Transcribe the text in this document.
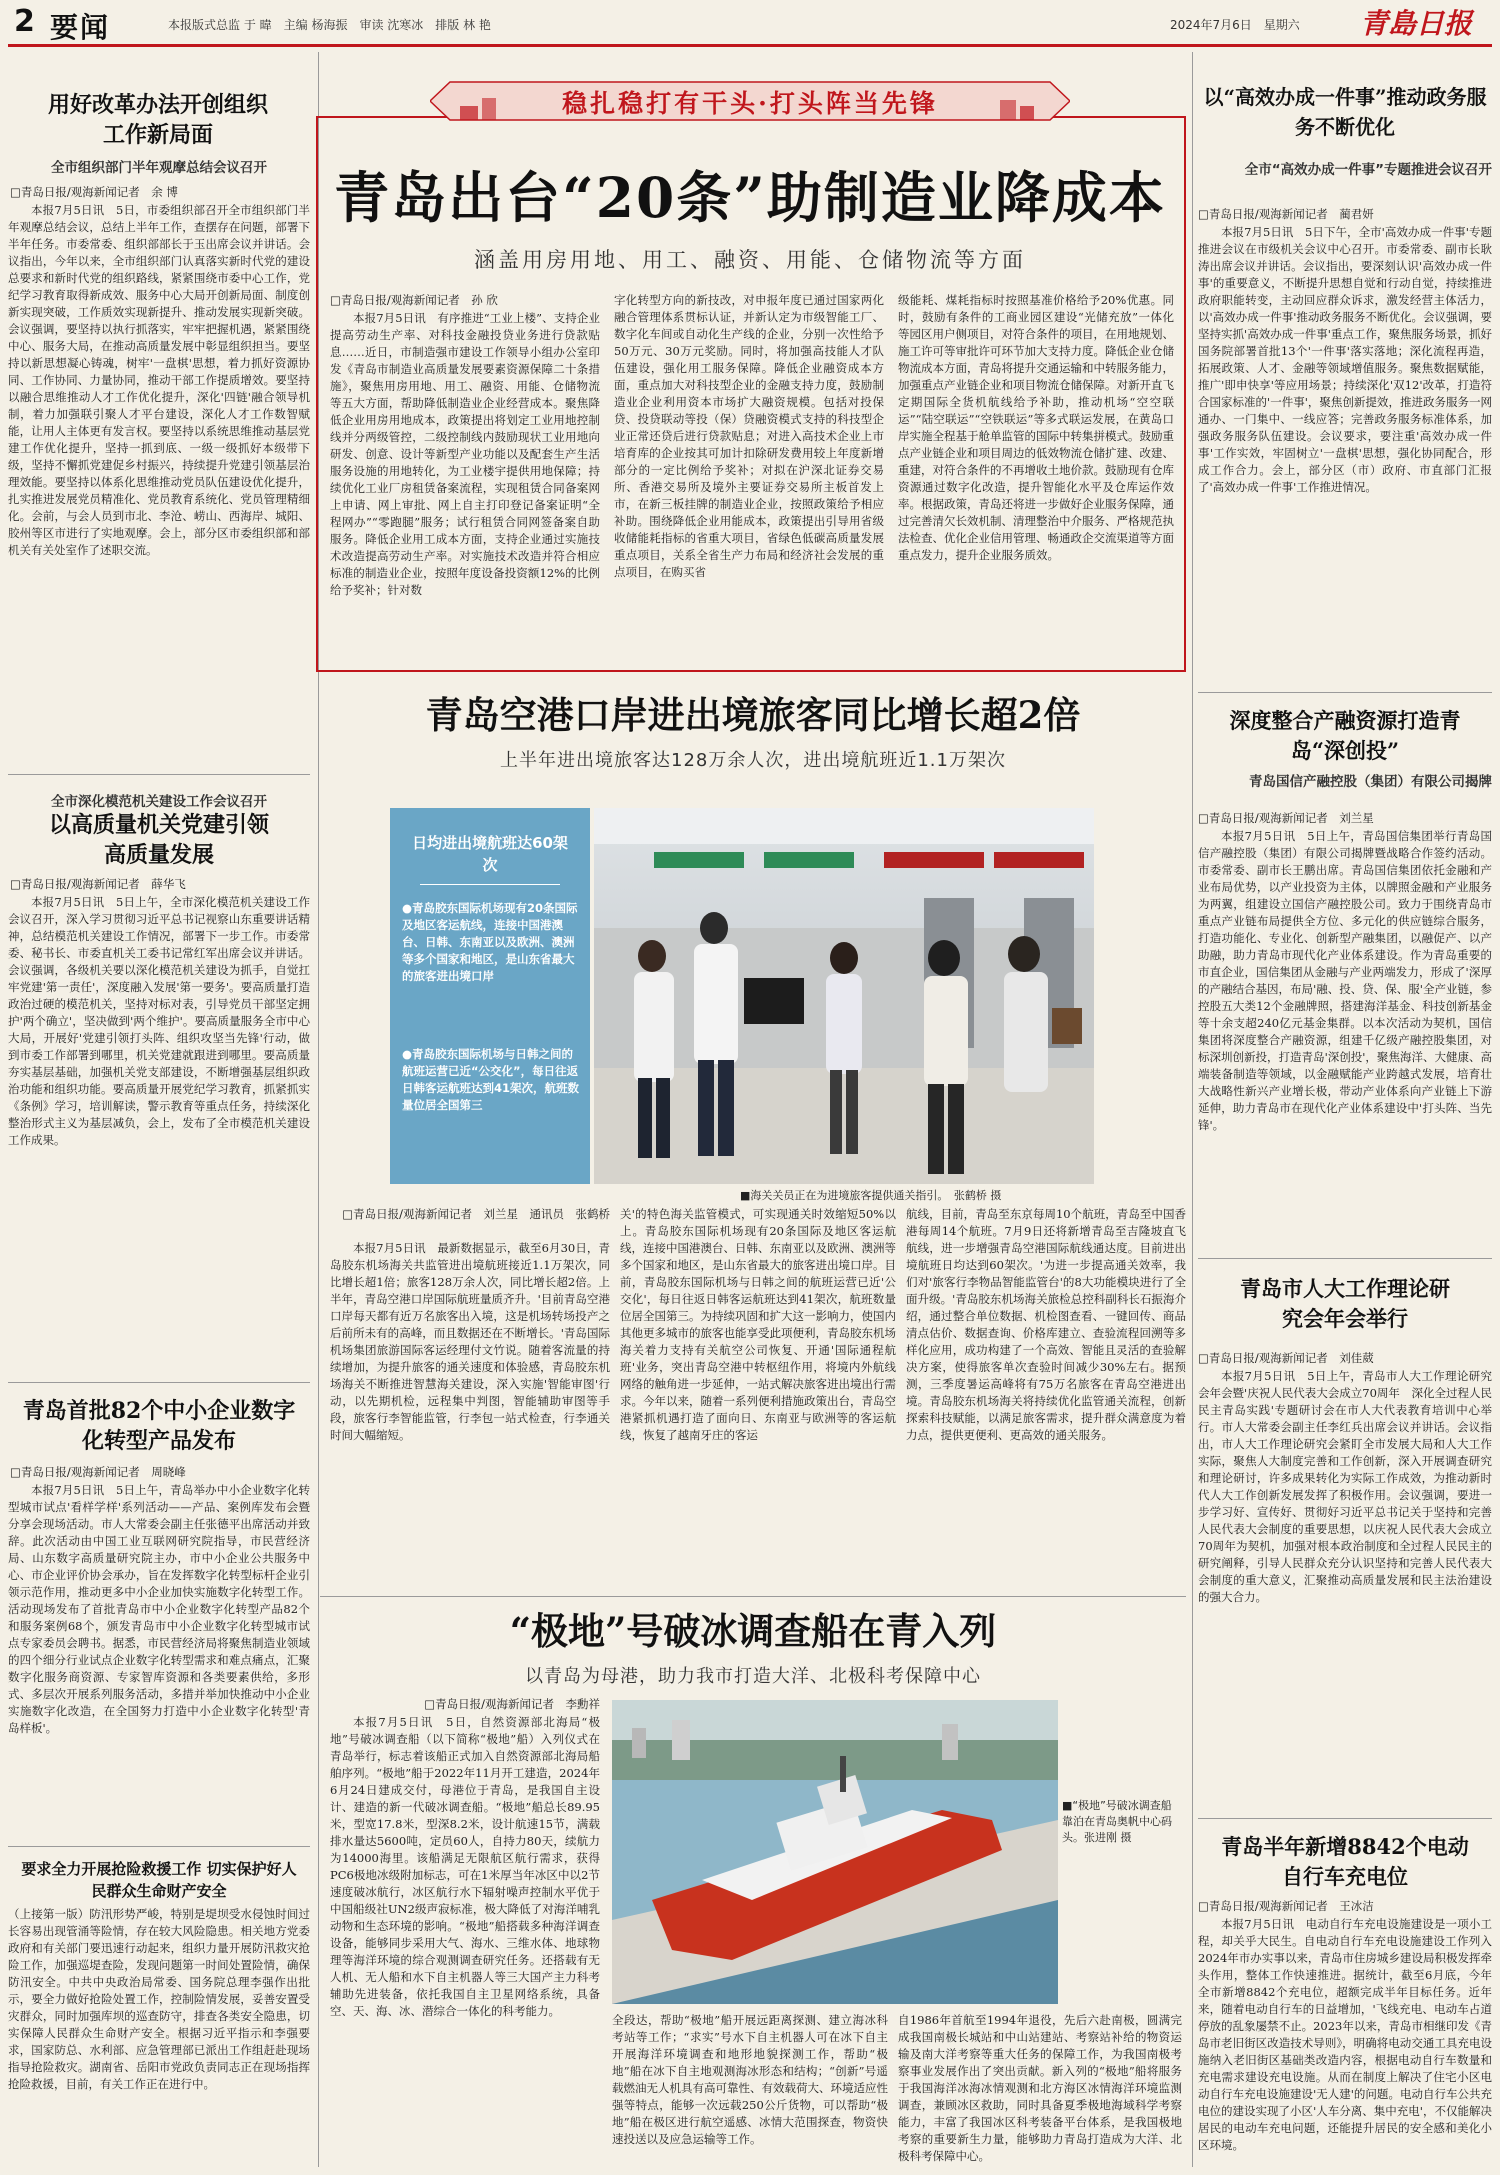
2 要闻	本报版式总监 于 暐　主编 杨海振　审读 沈寒冰　排版 林 艳	2024年7月6日　星期六 青島日报
用好改革办法开创组织工作新局面
全市组织部门半年观摩总结会议召开
□青岛日报/观海新闻记者　余 博
本报7月5日讯　5日，市委组织部召开全市组织部门半年观摩总结会议，总结上半年工作，查摆存在问题，部署下半年任务。市委常委、组织部部长于玉出席会议并讲话。会议指出，今年以来，全市组织部门认真落实新时代党的建设总要求和新时代党的组织路线，紧紧围绕市委中心工作，党纪学习教育取得新成效、服务中心大局开创新局面、制度创新实现突破，工作质效实现新提升、推动发展实现新突破。会议强调，要坚持以执行抓落实，牢牢把握机遇，紧紧围绕中心、服务大局，在推动高质量发展中彰显组织担当。要坚持以新思想凝心铸魂，树牢'一盘棋'思想，着力抓好资源协同、工作协同、力量协同，推动干部工作提质增效。要坚持以融合思维推动人才工作优化提升，深化'四链'融合领导机制，着力加强联引聚人才平台建设，深化人才工作数智赋能，让用人主体更有发言权。要坚持以系统思维推动基层党建工作优化提升，坚持一抓到底、一级一级抓好本级带下级，坚持不懈抓党建促乡村振兴，持续提升党建引领基层治理效能。要坚持以体系化思维推动党员队伍建设优化提升，扎实推进发展党员精准化、党员教育系统化、党员管理精细化。会前，与会人员到市北、李沧、崂山、西海岸、城阳、胶州等区市进行了实地观摩。会上，部分区市委组织部和部机关有关处室作了述职交流。
全市深化模范机关建设工作会议召开
以高质量机关党建引领高质量发展
□青岛日报/观海新闻记者　薛华飞
本报7月5日讯　5日上午，全市深化模范机关建设工作会议召开，深入学习贯彻习近平总书记视察山东重要讲话精神，总结模范机关建设工作情况，部署下一步工作。市委常委、秘书长、市委直机关工委书记常红军出席会议并讲话。会议强调，各级机关要以深化模范机关建设为抓手，自觉扛牢党建'第一责任'，深度融入发展'第一要务'。要高质量打造政治过硬的模范机关，坚持对标对表，引导党员干部坚定拥护'两个确立'，坚决做到'两个维护'。要高质量服务全市中心大局，开展好'党建引领打头阵、组织攻坚当先锋'行动，做到市委工作部署到哪里，机关党建就跟进到哪里。要高质量夯实基层基础，加强机关党支部建设，不断增强基层组织政治功能和组织功能。要高质量开展党纪学习教育，抓紧抓实《条例》学习，培训解读，警示教育等重点任务，持续深化整治形式主义为基层减负，会上，发布了全市模范机关建设工作成果。
青岛首批82个中小企业数字化转型产品发布
□青岛日报/观海新闻记者　周晓峰
本报7月5日讯　5日上午，青岛举办中小企业数字化转型城市试点'看样学样'系列活动——产品、案例库发布会暨分享会现场活动。市人大常委会副主任张德平出席活动并致辞。此次活动由中国工业互联网研究院指导，市民营经济局、山东数字高质量研究院主办，市中小企业公共服务中心、市企业评价协会承办，旨在发挥数字化转型标杆企业引领示范作用，推动更多中小企业加快实施数字化转型工作。活动现场发布了首批青岛市中小企业数字化转型产品82个和服务案例68个，颁发青岛市中小企业数字化转型城市试点专家委员会聘书。据悉，市民营经济局将聚焦制造业领域的四个细分行业试点企业数字化转型需求和难点痛点，汇聚数字化服务商资源、专家智库资源和各类要素供给，多形式、多层次开展系列服务活动，多措并举加快推动中小企业实施数字化改造，在全国努力打造中小企业数字化转型'青岛样板'。
要求全力开展抢险救援工作 切实保护好人民群众生命财产安全
（上接第一版）防汛形势严峻，特别是堤坝受水侵蚀时间过长容易出现管涌等险情，存在较大风险隐患。相关地方党委政府和有关部门要迅速行动起来，组织力量开展防汛救灾抢险工作，加强巡堤查险，发现问题第一时间处置险情，确保防汛安全。中共中央政治局常委、国务院总理李强作出批示，要全力做好抢险处置工作，控制险情发展，妥善安置受灾群众，同时加强库坝的巡查防守，排查各类安全隐患，切实保障人民群众生命财产安全。根据习近平指示和李强要求，国家防总、水利部、应急管理部已派出工作组赶赴现场指导抢险救灾。湖南省、岳阳市党政负责同志正在现场指挥抢险救援，目前，有关工作正在进行中。
稳扎稳打有干头·打头阵当先锋
青岛出台“20条”助制造业降成本
涵盖用房用地、用工、融资、用能、仓储物流等方面
□青岛日报/观海新闻记者　孙 欣
本报7月5日讯　有序推进“工业上楼”、支持企业提高劳动生产率、对科技金融投贷业务进行贷款贴息……近日，市制造强市建设工作领导小组办公室印发《青岛市制造业高质量发展要素资源保障二十条措施》，聚焦用房用地、用工、融资、用能、仓储物流等五大方面，帮助降低制造业企业经营成本。聚焦降低企业用房用地成本，政策提出将划定工业用地控制线并分两级管控，二级控制线内鼓励现状工业用地向研发、创意、设计等新型产业功能以及配套生产生活服务设施的用地转化，为工业楼宇提供用地保障；持续优化工业厂房租赁备案流程，实现租赁合同备案网上申请、网上审批、网上自主打印登记备案证明“全程网办”“零跑腿”服务；试行租赁合同网签备案自助服务。降低企业用工成本方面，支持企业通过实施技术改造提高劳动生产率。对实施技术改造并符合相应标准的制造业企业，按照年度设备投资额12%的比例给予奖补；针对数
字化转型方向的新技改，对申报年度已通过国家两化融合管理体系贯标认证，并新认定为市级智能工厂、数字化车间或自动化生产线的企业，分别一次性给予50万元、30万元奖励。同时，将加强高技能人才队伍建设，强化用工服务保障。降低企业融资成本方面，重点加大对科技型企业的金融支持力度，鼓励制造业企业利用资本市场扩大融资规模。包括对投保贷、投贷联动等投（保）贷融资模式支持的科技型企业正常还贷后进行贷款贴息；对进入高技术企业上市培育库的企业按其可加计扣除研发费用较上年度新增部分的一定比例给予奖补；对拟在沪深北证券交易所、香港交易所及境外主要证券交易所主板首发上市，在新三板挂牌的制造业企业，按照政策给予相应补助。围绕降低企业用能成本，政策提出引导用省级收储能耗指标的省重大项目，省绿色低碳高质量发展重点项目，关系全省生产力布局和经济社会发展的重点项目，在购买省
级能耗、煤耗指标时按照基准价格给予20%优惠。同时，鼓励有条件的工商业园区建设“光储充放”一体化等园区用户侧项目，对符合条件的项目，在用地规划、施工许可等审批许可环节加大支持力度。降低企业仓储物流成本方面，青岛将提升交通运输和中转服务能力，加强重点产业链企业和项目物流仓储保障。对新开直飞定期国际全货机航线给予补助，推动机场“空空联运”“陆空联运”“空铁联运”等多式联运发展，在黄岛口岸实施全程基于舱单监管的国际中转集拼模式。鼓励重点产业链企业和项目周边的低效物流仓储扩建、改建、重建，对符合条件的不再增收土地价款。鼓励现有仓库资源通过数字化改造，提升智能化水平及仓库运作效率。根据政策，青岛还将进一步做好企业服务保障，通过完善清欠长效机制、清理整治中介服务、严格规范执法检查、优化企业信用管理、畅通政企交流渠道等方面重点发力，提升企业服务质效。
青岛空港口岸进出境旅客同比增长超2倍
上半年进出境旅客达128万余人次，进出境航班近1.1万架次
日均进出境航班达60架次
●青岛胶东国际机场现有20条国际及地区客运航线，连接中国港澳台、日韩、东南亚以及欧洲、澳洲等多个国家和地区，是山东省最大的旅客进出境口岸
●青岛胶东国际机场与日韩之间的航班运营已近“公交化”，每日往返日韩客运航班达到41架次，航班数量位居全国第三
■海关关员正在为进境旅客提供通关指引。　张鹤桥 摄
□青岛日报/观海新闻记者　刘兰星　通讯员　张鹤桥
本报7月5日讯　最新数据显示，截至6月30日，青岛胶东机场海关共监管进出境航班接近1.1万架次，同比增长超1倍；旅客128万余人次，同比增长超2倍。上半年，青岛空港口岸国际航班量质齐升。'目前青岛空港口岸每天都有近万名旅客出入境，这是机场转场投产之后前所未有的高峰，而且数据还在不断增长。'青岛国际机场集团旅游国际客运经理付文竹说。随着客流量的持续增加，为提升旅客的通关速度和体验感，青岛胶东机场海关不断推进智慧海关建设，深入实施'智能审图'行动，以先期机检，远程集中判图，智能辅助审图等手段，旅客行李智能监管，行李包一站式检查，行李通关时间大幅缩短。
关'的特色海关监管模式，可实现通关时效缩短50%以上。青岛胶东国际机场现有20条国际及地区客运航线，连接中国港澳台、日韩、东南亚以及欧洲、澳洲等多个国家和地区，是山东省最大的旅客进出境口岸。目前，青岛胶东国际机场与日韩之间的航班运营已近'公交化'，每日往返日韩客运航班达到41架次，航班数量位居全国第三。为持续巩固和扩大这一影响力，使国内其他更多城市的旅客也能享受此项便利，青岛胶东机场海关着力支持有关航空公司恢复、开通'国际通程航班'业务，突出青岛空港中转枢纽作用，将境内外航线网络的触角进一步延伸，一站式解决旅客进出境出行需求。今年以来，随着一系列便利措施政策出台，青岛空港紧抓机遇打造了面向日、东南亚与欧洲等的客运航线，恢复了越南牙庄的客运
航线，目前，青岛至东京每周10个航班，青岛至中国香港每周14个航班。7月9日还将新增青岛至吉隆坡直飞航线，进一步增强青岛空港国际航线通达度。目前进出境航班日均达到60架次。'为进一步提高通关效率，我们对'旅客行李物品智能监管台'的8大功能模块进行了全面升级。'青岛胶东机场海关旅检总控科副科长石振海介绍，通过整合单位数据、机检图查看、一键回传、商品清点估价、数据查询、价格库建立、查验流程回溯等多样化应用，成功构建了一个高效、智能且灵活的查验解决方案，使得旅客单次查验时间减少30%左右。据预测，三季度暑运高峰将有75万名旅客在青岛空港进出境。青岛胶东机场海关将持续优化监管通关流程，创新探索科技赋能，以满足旅客需求，提升群众满意度为着力点，提供更便利、更高效的通关服务。
“极地”号破冰调查船在青入列
以青岛为母港，助力我市打造大洋、北极科考保障中心
□青岛日报/观海新闻记者　李勳祥
本报7月5日讯　5日，自然资源部北海局“极地”号破冰调查船（以下简称“极地”船）入列仪式在青岛举行，标志着该船正式加入自然资源部北海局船舶序列。“极地”船于2022年11月开工建造，2024年6月24日建成交付，母港位于青岛，是我国自主设计、建造的新一代破冰调查船。“极地”船总长89.95米，型宽17.8米，型深8.2米，设计航速15节，满载排水量达5600吨，定员60人，自持力80天，续航力为14000海里。该船满足无限航区航行需求，获得PC6极地冰级附加标志，可在1米厚当年冰区中以2节速度破冰航行，冰区航行水下辐射噪声控制水平优于中国船级社UN2级声寂标准，极大降低了对海洋哺乳动物和生态环境的影响。“极地”船搭载多种海洋调查设备，能够同步采用大气、海水、三维水体、地球物理等海洋环境的综合观测调查研究任务。还搭载有无人机、无人船和水下自主机器人等三大国产主力科考辅助先进装备，依托我国自主卫星网络系统，具备空、天、海、冰、潜综合一体化的科考能力。
■“极地”号破冰调查船靠泊在青岛奥帆中心码头。张进刚 摄
全段达，帮助“极地”船开展远距离探测、建立海冰科考站等工作；“求实”号水下自主机器人可在冰下自主开展海洋环境调查和地形地貌探测工作，帮助“极地”船在冰下自主地观测海冰形态和结构；“创新”号遥载燃油无人机具有高可靠性、有效载荷大、环境适应性强等特点，能够一次远载250公斤货物，可以帮助“极地”船在极区进行航空遥感、冰情大范围探查，物资快速投送以及应急运输等工作。
自1986年首航至1994年退役，先后六赴南极，圆满完成我国南极长城站和中山站建站、考察站补给的物资运输及南大洋考察等重大任务的保障工作，为我国南极考察事业发展作出了突出贡献。新入列的“极地”船将服务于我国海洋冰海冰情观测和北方海区冰情海洋环境监测调查，兼顾冰区救助，同时具备夏季极地海域科学考察能力，丰富了我国冰区科考装备平台体系，是我国极地考察的重要新生力量，能够助力青岛打造成为大洋、北极科考保障中心。
以“高效办成一件事”推动政务服务不断优化
全市“高效办成一件事”专题推进会议召开
□青岛日报/观海新闻记者　蔺君妍
本报7月5日讯　5日下午，全市'高效办成一件事'专题推进会议在市级机关会议中心召开。市委常委、副市长耿涛出席会议并讲话。会议指出，要深刻认识'高效办成一件事'的重要意义，不断提升思想自觉和行动自觉，持续推进政府职能转变，主动回应群众诉求，激发经营主体活力，以'高效办成一件事'推动政务服务不断优化。会议强调，要坚持实抓'高效办成一件事'重点工作，聚焦服务场景，抓好国务院部署首批13个'一件事'落实落地；深化流程再造，拓展政策、人才、金融等领域增值服务。聚焦数据赋能，推广'即申快享'等应用场景；持续深化'双12'改革，打造符合国家标准的'一件事'，聚焦创新提效，推进政务服务一网通办、一门集中、一线应答；完善政务服务标准体系，加强政务服务队伍建设。会议要求，要注重'高效办成一件事'工作实效，牢固树立'一盘棋'思想，强化协同配合，形成工作合力。会上，部分区（市）政府、市直部门汇报了'高效办成一件事'工作推进情况。
深度整合产融资源打造青岛“深创投”
青岛国信产融控股（集团）有限公司揭牌
□青岛日报/观海新闻记者　刘兰星
本报7月5日讯　5日上午，青岛国信集团举行青岛国信产融控股（集团）有限公司揭牌暨战略合作签约活动。市委常委、副市长王鹏出席。青岛国信集团依托金融和产业布局优势，以产业投资为主体，以牌照金融和产业服务为两翼，组建设立国信产融控股公司。致力于围绕青岛市重点产业链布局提供全方位、多元化的供应链综合服务，打造功能化、专业化、创新型产融集团，以融促产、以产助融，助力青岛市现代化产业体系建设。作为青岛重要的市直企业，国信集团从金融与产业两端发力，形成了'深厚的产融结合基因，布局'融、投、贷、保、服'全产业链，参控股五大类12个金融牌照，搭建海洋基金、科技创新基金等十余支超240亿元基金集群。以本次活动为契机，国信集团将深度整合产融资源，组建千亿级产融控股集团，对标深圳创新投，打造青岛'深创投'，聚焦海洋、大健康、高端装备制造等领域，以金融赋能产业跨越式发展，培育壮大战略性新兴产业增长极，带动产业体系向产业链上下游延伸，助力青岛市在现代化产业体系建设中'打头阵、当先锋'。
青岛市人大工作理论研究会年会举行
□青岛日报/观海新闻记者　刘佳葳
本报7月5日讯　5日上午，青岛市人大工作理论研究会年会暨'庆祝人民代表大会成立70周年　深化全过程人民民主青岛实践'专题研讨会在市人大代表教育培训中心举行。市人大常委会副主任李红兵出席会议并讲话。会议指出，市人大工作理论研究会紧盯全市发展大局和人大工作实际，聚焦人大制度完善和工作创新，深入开展调查研究和理论研讨，许多成果转化为实际工作成效，为推动新时代人大工作创新发展发挥了积极作用。会议强调，要进一步学习好、宣传好、贯彻好习近平总书记关于坚持和完善人民代表大会制度的重要思想，以庆祝人民代表大会成立70周年为契机，加强对根本政治制度和全过程人民民主的研究阐释，引导人民群众充分认识坚持和完善人民代表大会制度的重大意义，汇聚推动高质量发展和民主法治建设的强大合力。
青岛半年新增8842个电动自行车充电位
□青岛日报/观海新闻记者　王冰洁
本报7月5日讯　电动自行车充电设施建设是一项小工程，却关乎大民生。自电动自行车充电设施建设工作列入2024年市办实事以来，青岛市住房城乡建设局积极发挥牵头作用，整体工作快速推进。据统计，截至6月底，今年全市新增8842个充电位，超额完成半年目标任务。近年来，随着电动自行车的日益增加，'飞线充电、电动车占道停放的乱象屡禁不止。2023年以来，青岛市相继印发《青岛市老旧街区改造技术导则》，明确将电动交通工具充电设施纳入老旧街区基础类改造内容，根据电动自行车数量和充电需求建设充电设施。从而在制度上解决了住宅小区电动自行车充电设施建设'无人建'的问题。电动自行车公共充电位的建设实现了小区'人车分离、集中充电'，不仅能解决居民的电动车充电问题，还能提升居民的安全感和美化小区环境。
